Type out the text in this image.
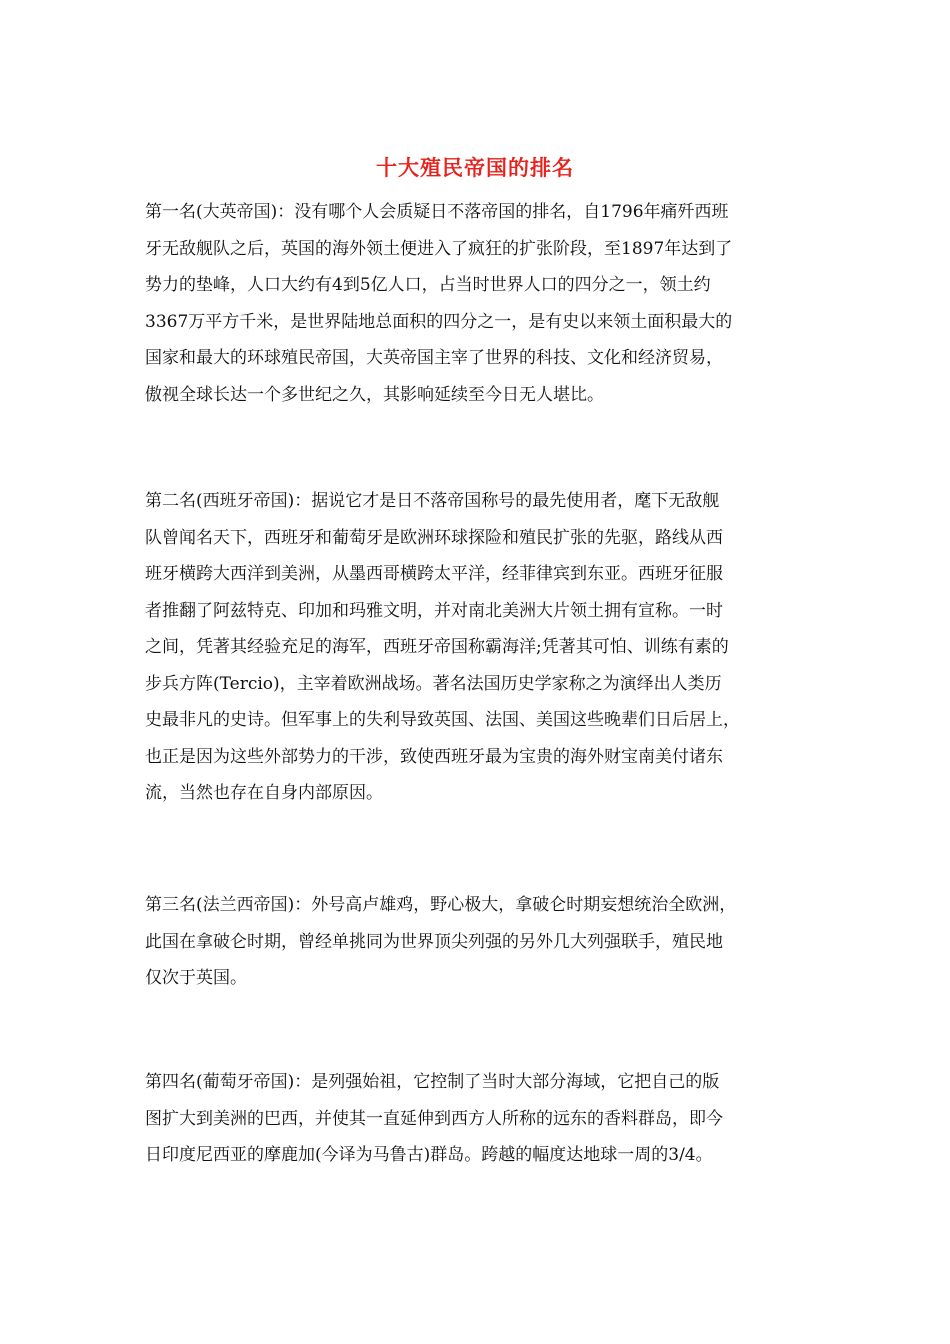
十大殖民帝国的排名
第一名(大英帝国)：没有哪个人会质疑日不落帝国的排名，自1796年痛歼西班
牙无敌舰队之后，英国的海外领土便进入了疯狂的扩张阶段，至1897年达到了
势力的垫峰，人口大约有4到5亿人口，占当时世界人口的四分之一，领土约
3367万平方千米，是世界陆地总面积的四分之一，是有史以来领土面积最大的
国家和最大的环球殖民帝国，大英帝国主宰了世界的科技、文化和经济贸易，
傲视全球长达一个多世纪之久，其影响延续至今日无人堪比。
第二名(西班牙帝国)：据说它才是日不落帝国称号的最先使用者，麾下无敌舰
队曾闻名天下，西班牙和葡萄牙是欧洲环球探险和殖民扩张的先驱，路线从西
班牙横跨大西洋到美洲，从墨西哥横跨太平洋，经菲律宾到东亚。西班牙征服
者推翻了阿兹特克、印加和玛雅文明，并对南北美洲大片领土拥有宣称。一时
之间，凭著其经验充足的海军，西班牙帝国称霸海洋;凭著其可怕、训练有素的
步兵方阵(Tercio)，主宰着欧洲战场。著名法国历史学家称之为演绎出人类历
史最非凡的史诗。但军事上的失利导致英国、法国、美国这些晚辈们日后居上，
也正是因为这些外部势力的干涉，致使西班牙最为宝贵的海外财宝南美付诸东
流，当然也存在自身内部原因。
第三名(法兰西帝国)：外号高卢雄鸡，野心极大，拿破仑时期妄想统治全欧洲，
此国在拿破仑时期，曾经单挑同为世界顶尖列强的另外几大列强联手，殖民地
仅次于英国。
第四名(葡萄牙帝国)：是列强始祖，它控制了当时大部分海域，它把自己的版
图扩大到美洲的巴西，并使其一直延伸到西方人所称的远东的香料群岛，即今
日印度尼西亚的摩鹿加(今译为马鲁古)群岛。跨越的幅度达地球一周的3/4。
